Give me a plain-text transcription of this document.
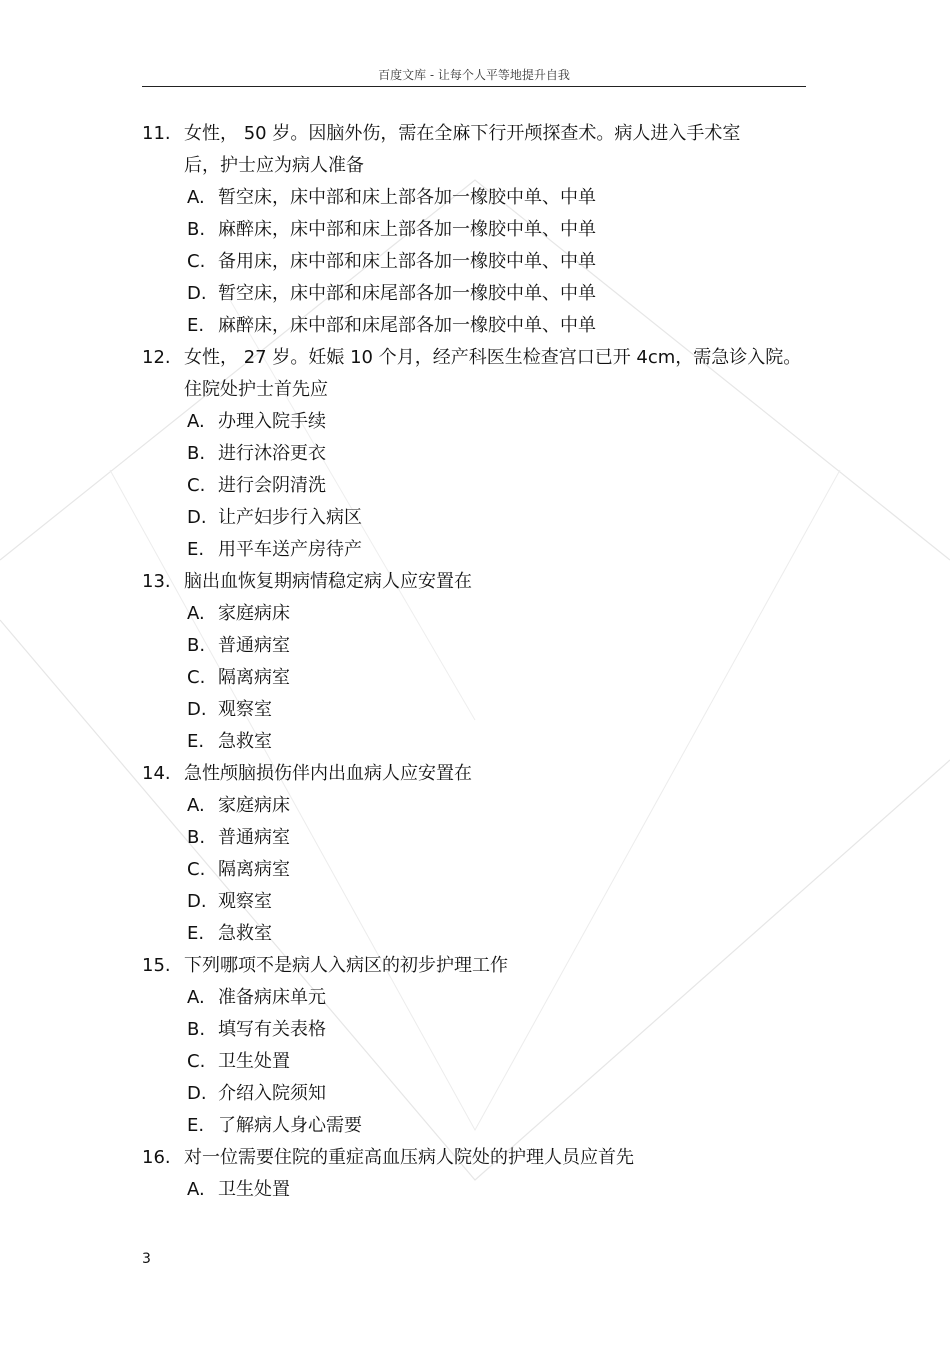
百度文库 - 让每个人平等地提升自我
11. 女性， 50 岁。因脑外伤，需在全麻下行开颅探查术。病人进入手术室后，护士应为病人准备
A. 暂空床，床中部和床上部各加一橡胶中单、中单
B. 麻醉床，床中部和床上部各加一橡胶中单、中单
C. 备用床，床中部和床上部各加一橡胶中单、中单
D. 暂空床，床中部和床尾部各加一橡胶中单、中单
E. 麻醉床，床中部和床尾部各加一橡胶中单、中单
12. 女性， 27 岁。妊娠 10 个月，经产科医生检查宫口已开 4cm，需急诊入院。住院处护士首先应
A. 办理入院手续
B. 进行沐浴更衣
C. 进行会阴清洗
D. 让产妇步行入病区
E. 用平车送产房待产
13. 脑出血恢复期病情稳定病人应安置在
A. 家庭病床
B. 普通病室
C. 隔离病室
D. 观察室
E. 急救室
14. 急性颅脑损伤伴内出血病人应安置在
A. 家庭病床
B. 普通病室
C. 隔离病室
D. 观察室
E. 急救室
15. 下列哪项不是病人入病区的初步护理工作
A. 准备病床单元
B. 填写有关表格
C. 卫生处置
D. 介绍入院须知
E. 了解病人身心需要
16. 对一位需要住院的重症高血压病人院处的护理人员应首先
A. 卫生处置
3
